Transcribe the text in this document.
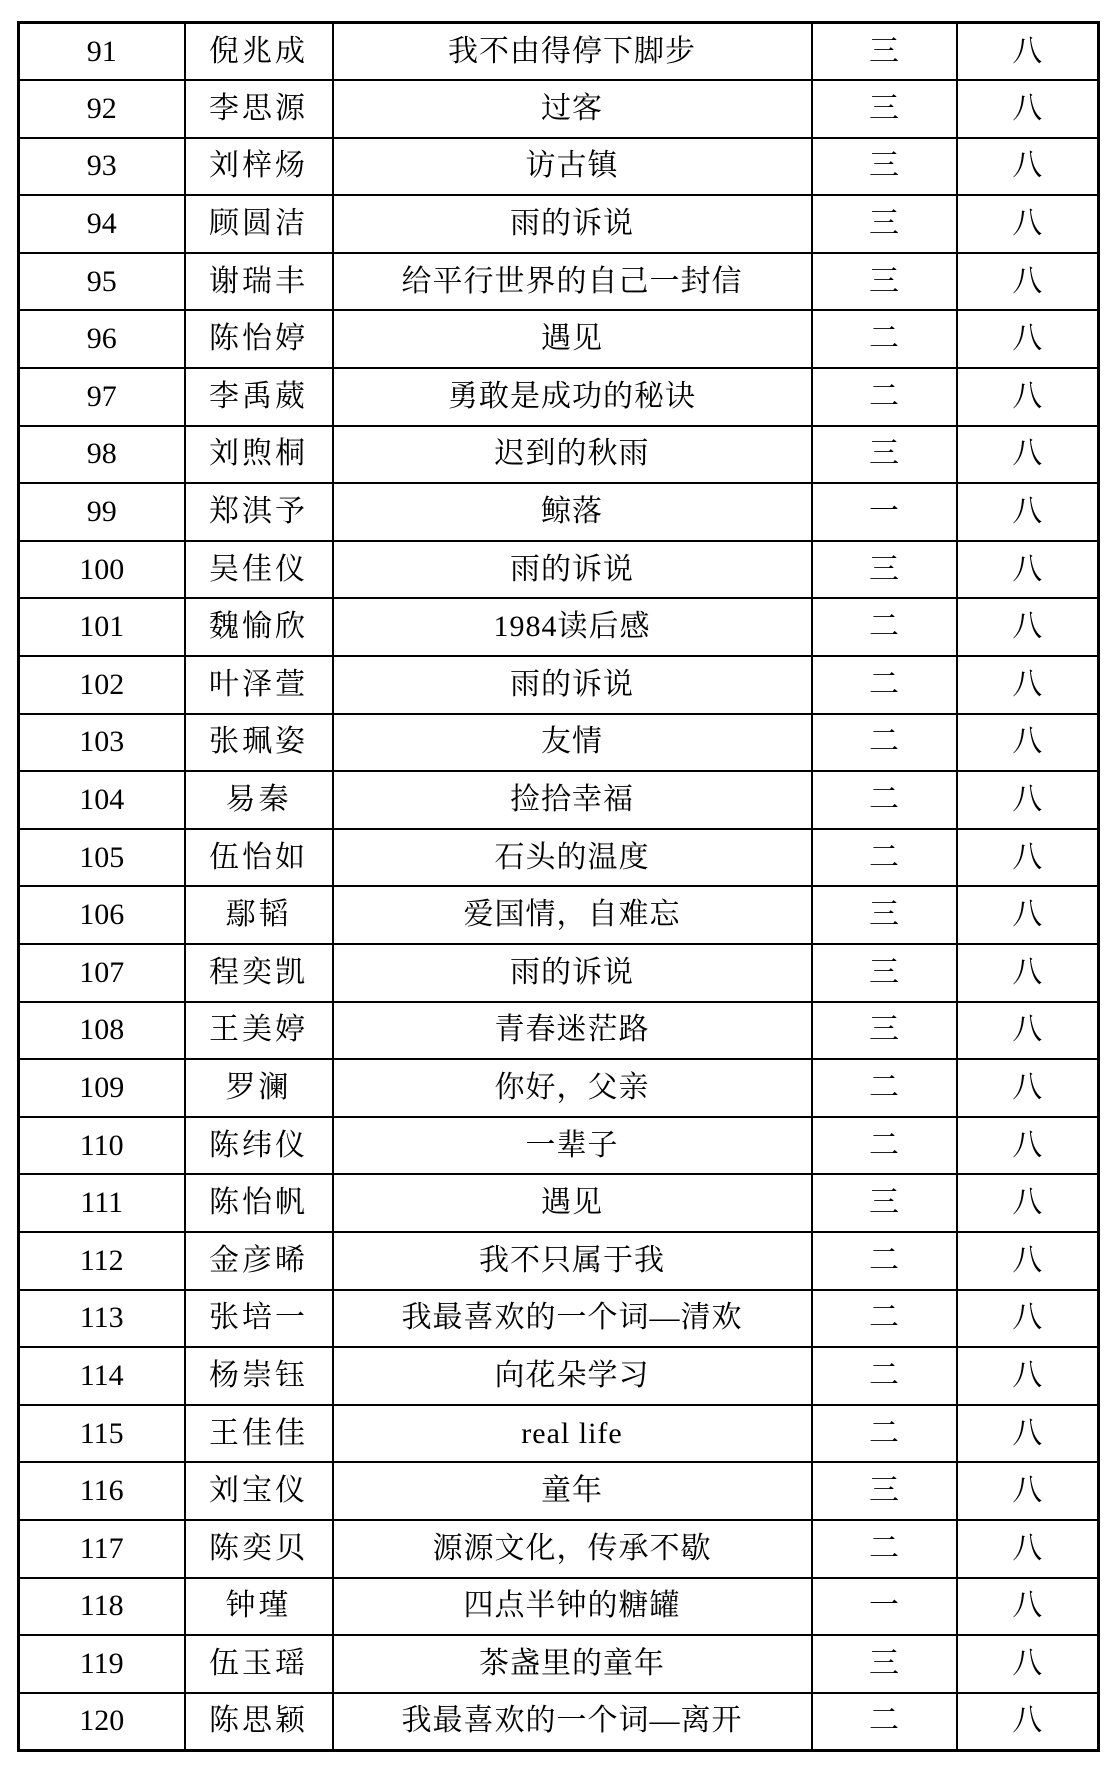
91	倪兆成	我不由得停下脚步	三	八
92	李思源	过客	三	八
93	刘梓炀	访古镇	三	八
94	顾圆洁	雨的诉说	三	八
95	谢瑞丰	给平行世界的自己一封信	三	八
96	陈怡婷	遇见	二	八
97	李禹葳	勇敢是成功的秘诀	二	八
98	刘煦桐	迟到的秋雨	三	八
99	郑淇予	鲸落	一	八
100	吴佳仪	雨的诉说	三	八
101	魏愉欣	1984读后感	二	八
102	叶泽萱	雨的诉说	二	八
103	张珮姿	友情	二	八
104	易秦	捡拾幸福	二	八
105	伍怡如	石头的温度	二	八
106	鄢韬	爱国情，自难忘	三	八
107	程奕凯	雨的诉说	三	八
108	王美婷	青春迷茫路	三	八
109	罗澜	你好，父亲	二	八
110	陈纬仪	一辈子	二	八
111	陈怡帆	遇见	三	八
112	金彦晞	我不只属于我	二	八
113	张培一	我最喜欢的一个词—清欢	二	八
114	杨崇钰	向花朵学习	二	八
115	王佳佳	real life	二	八
116	刘宝仪	童年	三	八
117	陈奕贝	源源文化，传承不歇	二	八
118	钟瑾	四点半钟的糖罐	一	八
119	伍玉瑶	茶盏里的童年	三	八
120	陈思颖	我最喜欢的一个词—离开	二	八
